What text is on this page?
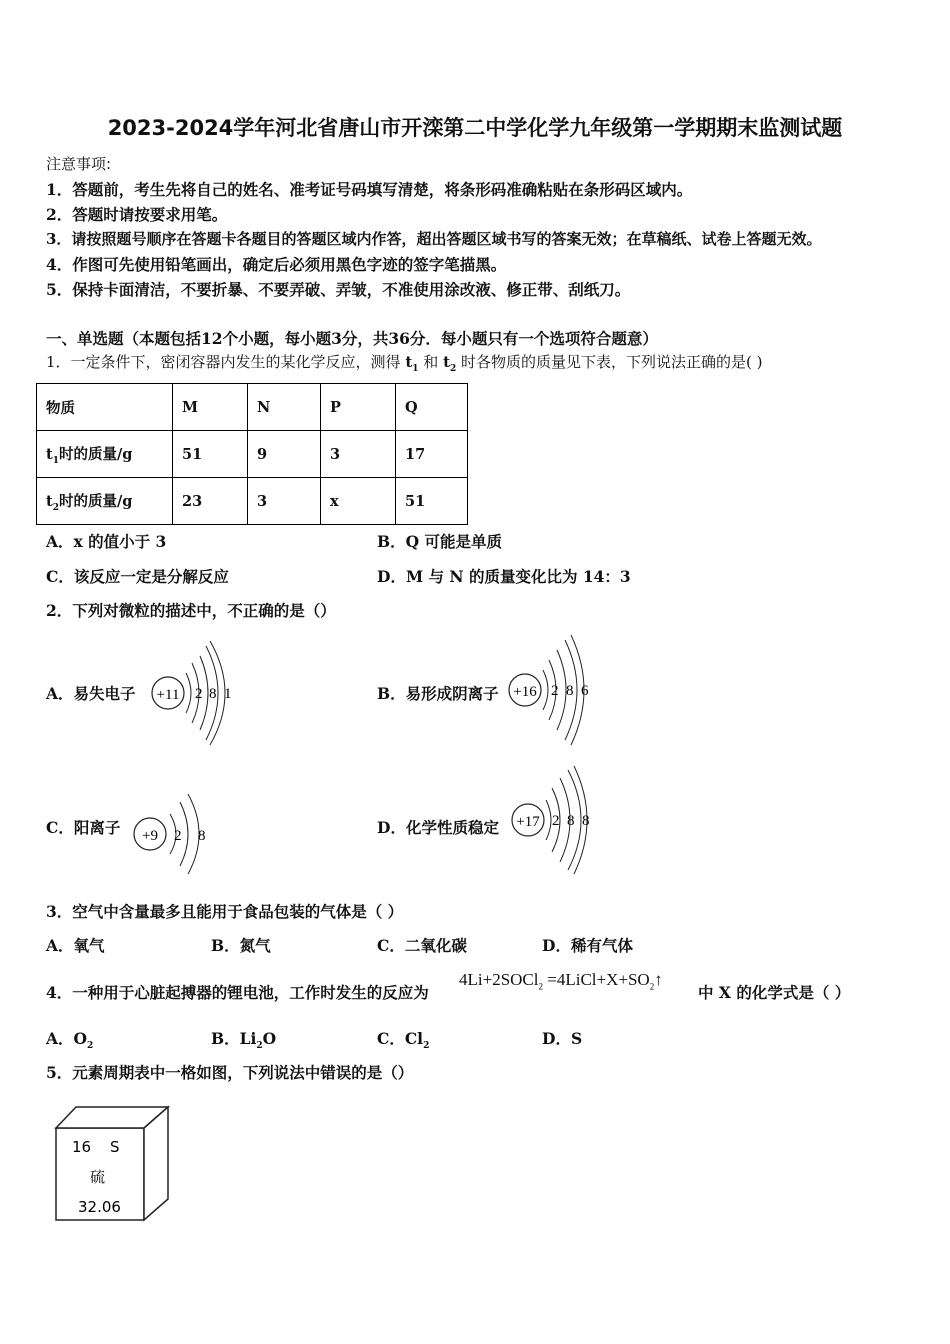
2023-2024学年河北省唐山市开滦第二中学化学九年级第一学期期末监测试题
注意事项:
1．答题前，考生先将自己的姓名、准考证号码填写清楚，将条形码准确粘贴在条形码区域内。
2．答题时请按要求用笔。
3．请按照题号顺序在答题卡各题目的答题区域内作答，超出答题区域书写的答案无效；在草稿纸、试卷上答题无效。
4．作图可先使用铅笔画出，确定后必须用黑色字迹的签字笔描黑。
5．保持卡面清洁，不要折暴、不要弄破、弄皱，不准使用涂改液、修正带、刮纸刀。
一、单选题（本题包括12个小题，每小题3分，共36分．每小题只有一个选项符合题意）
1．一定条件下，密闭容器内发生的某化学反应，测得 $t_1$ 和 $t_2$ 时各物质的质量见下表，下列说法正确的是( )
物质	M	N	P	Q
$t_1$时的质量/g	51	9	3	17
$t_2$时的质量/g	23	3	x	51
A．x 的值小于 3	B．Q 可能是单质
C．该反应一定是分解反应	D．M 与 N 的质量变化比为 14：3
2．下列对微粒的描述中，不正确的是（）
A．易失电子 +11 2 8 1	B．易形成阴离子 +16 2 8 6
C．阳离子 +9 2 8	D．化学性质稳定 +17 2 8 8
3．空气中含量最多且能用于食品包装的气体是（ ）
A．氧气	B．氮气	C．二氧化碳	D．稀有气体
4．一种用于心脏起搏器的锂电池，工作时发生的反应为
4Li+2SOCl$_2$ $=4LiCl+X+SO_2↑$
中 X 的化学式是（ ）
A．$O_2$	B．$Li_2O$	C．$Cl_2$	D．S
5．元素周期表中一格如图，下列说法中错误的是（）
16 S
硫
32.06
